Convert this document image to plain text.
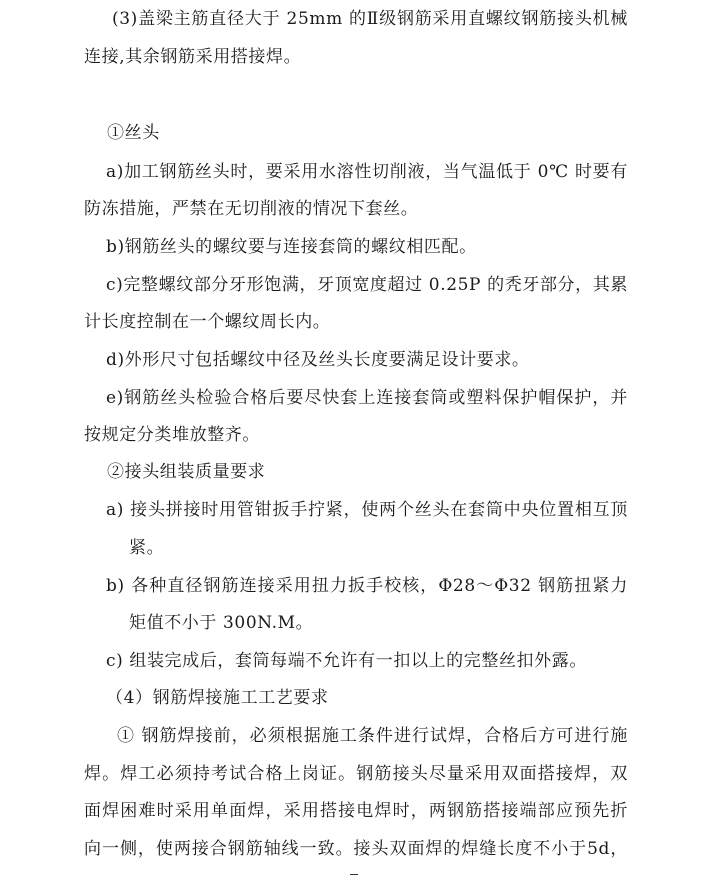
(3)盖梁主筋直径大于 25mm 的Ⅱ级钢筋采用直螺纹钢筋接头机械
连接,其余钢筋采用搭接焊。
①丝头
a)加工钢筋丝头时，要采用水溶性切削液，当气温低于 0℃ 时要有
防冻措施，严禁在无切削液的情况下套丝。
b)钢筋丝头的螺纹要与连接套筒的螺纹相匹配。
c)完整螺纹部分牙形饱满，牙顶宽度超过 0.25P 的秃牙部分，其累
计长度控制在一个螺纹周长内。
d)外形尺寸包括螺纹中径及丝头长度要满足设计要求。
e)钢筋丝头检验合格后要尽快套上连接套筒或塑料保护帽保护，并
按规定分类堆放整齐。
②接头组装质量要求
a) 接头拼接时用管钳扳手拧紧，使两个丝头在套筒中央位置相互顶
紧。
b) 各种直径钢筋连接采用扭力扳手校核，Φ28～Φ32 钢筋扭紧力
矩值不小于 300N.M。
c) 组装完成后，套筒每端不允许有一扣以上的完整丝扣外露。
（4）钢筋焊接施工工艺要求
① 钢筋焊接前，必须根据施工条件进行试焊，合格后方可进行施
焊。焊工必须持考试合格上岗证。钢筋接头尽量采用双面搭接焊，双
面焊困难时采用单面焊，采用搭接电焊时，两钢筋搭接端部应预先折
向一侧，使两接合钢筋轴线一致。接头双面焊的焊缝长度不小于5d，
